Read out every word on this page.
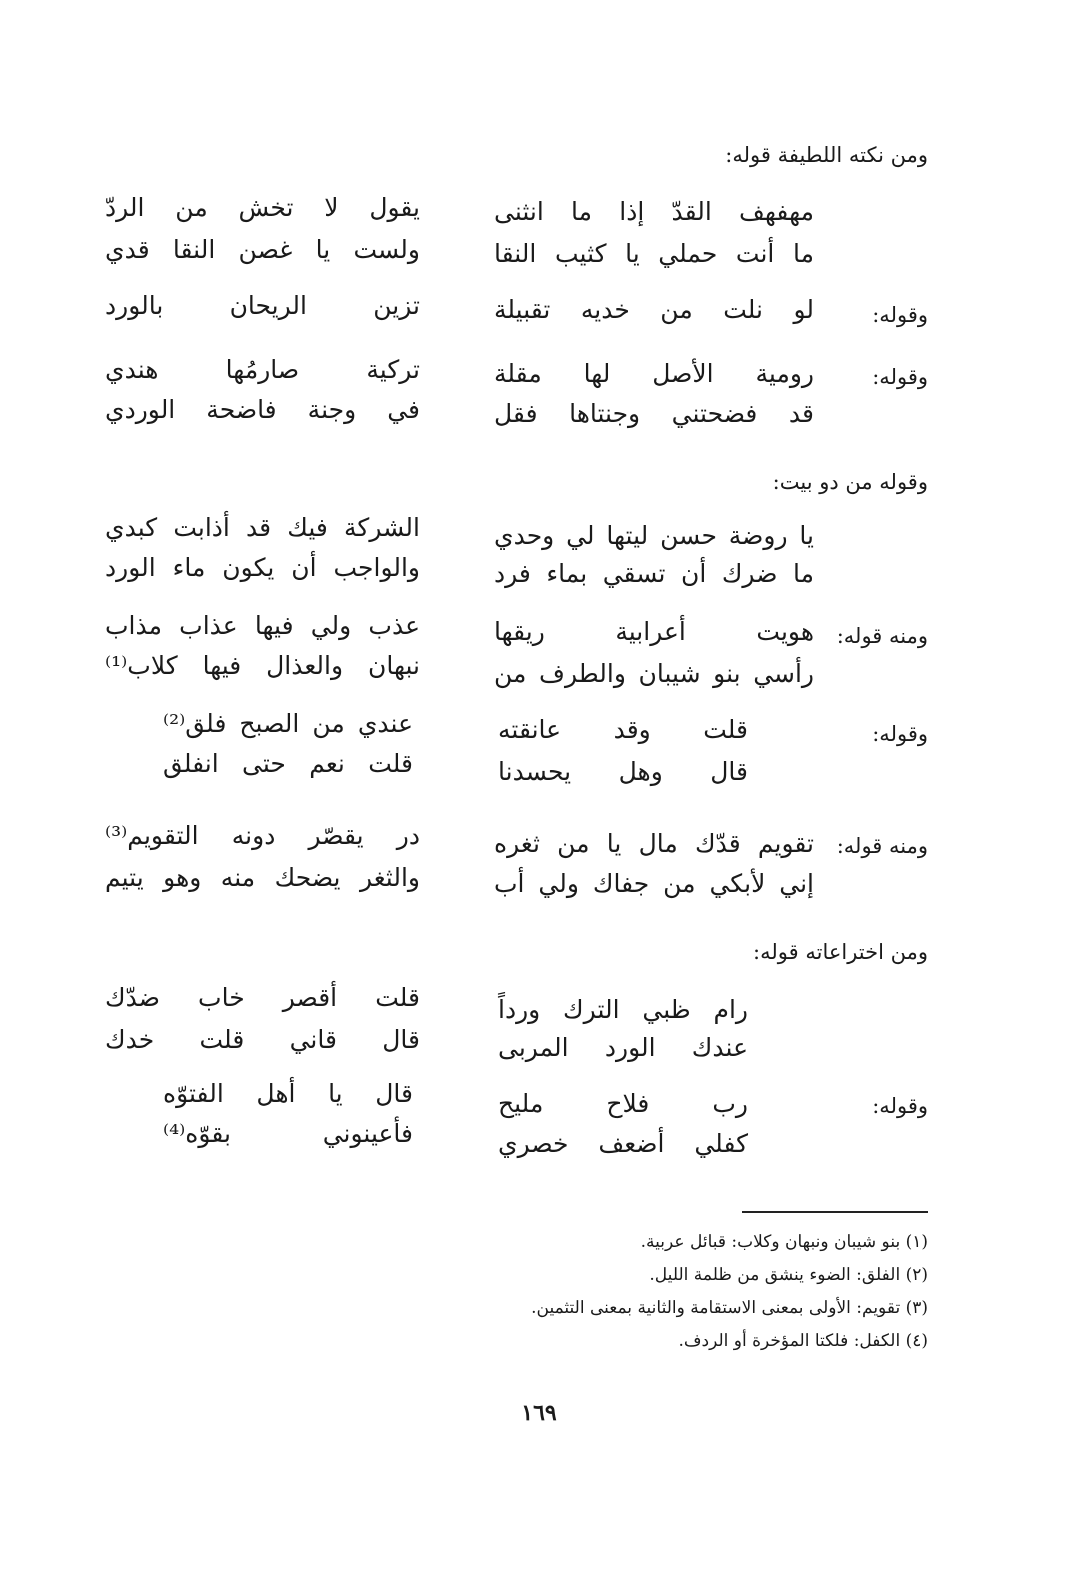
ومن نكته اللطيفة قوله:
وقوله من دو بيت:
ومن اختراعاته قوله:
مهفهف القدّ إذا ما انثنى
يقول لا تخش من الردّ
ما أنت حملي يا كثيب النقا
ولست يا غصن النقا قدي
وقوله:
لو نلت من خديه تقبيلة
تزين الريحان بالورد
وقوله:
رومية الأصل لها مقلة
تركية صارمُها هندي
قد فضحتني وجنتاها فقل
في وجنة فاضحة الوردي
يا روضة حسن ليتها لي وحدي
الشركة فيك قد أذابت كبدي
ما ضرك أن تسقي بماء فرد
والواجب أن يكون ماء الورد
ومنه قوله:
هويت أعرابية ريقها
عذب ولي فيها عذاب مذاب
رأسي بنو شيبان والطرف من
نبهان والعذال فيها كلاب⁽¹⁾
وقوله:
قلت وقد عانقته
عندي من الصبح فلق⁽²⁾
قال وهل يحسدنا
قلت نعم حتى انفلق
ومنه قوله:
تقويم قدّك مال يا من ثغره
در يقصّر دونه التقويم⁽³⁾
إني لأبكي من جفاك ولي أب
والثغر يضحك منه وهو يتيم
رام ظبي الترك ورداً
قلت أقصر خاب ضدّك
عندك الورد المربى
قال قاني قلت خدك
وقوله:
رب فلاح مليح
قال يا أهل الفتوّه
كفلي أضعف خصري
فأعينوني بقوّه⁽⁴⁾
(١) بنو شيبان ونبهان وكلاب: قبائل عربية.
(٢) الفلق: الضوء ينشق من ظلمة الليل.
(٣) تقويم: الأولى بمعنى الاستقامة والثانية بمعنى التثمين.
(٤) الكفل: فلكتا المؤخرة أو الردف.
١٦٩
